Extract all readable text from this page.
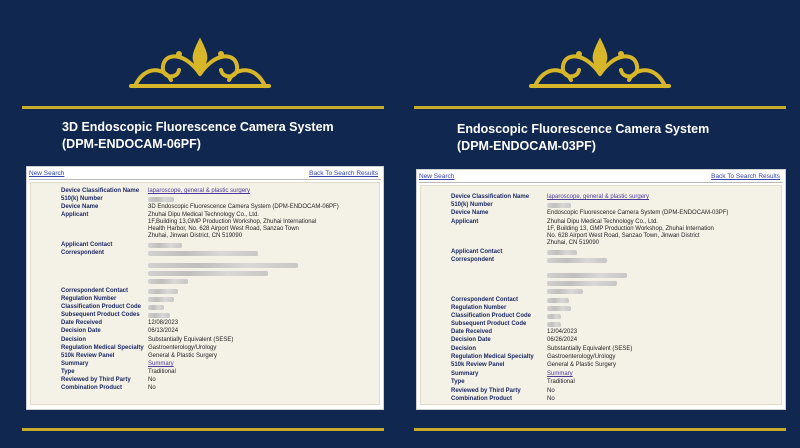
3D Endoscopic Fluorescence Camera System
(DPM-ENDOCAM-06PF)
New Search	Back To Search Results
Device Classification Name laparoscope, general & plastic surgery
510(k) Number
Device Name	3D Endoscopic Fluorescence Camera System (DPM-ENDOCAM-06PF)
Applicant	Zhuhai Dipu Medical Technology Co., Ltd.
1F,Building 13,GMP Production Workshop, Zhuhai International
Health Harbor, No. 628 Airport West Road, Sanzao Town
Zhuhai, Jinwan District, CN 519090
Applicant Contact
Correspondent
Correspondent Contact
Regulation Number
Classification Product Code
Subsequent Product Codes
Date Received	12/08/2023
Decision Date	06/13/2024
Decision	Substantially Equivalent (SESE)
Regulation Medical Specialty Gastroenterology/Urology
510k Review Panel	General & Plastic Surgery
Summary	Summary
Type	Traditional
Reviewed by Third Party	No
Combination Product	No
Endoscopic Fluorescence Camera System
(DPM-ENDOCAM-03PF)
New Search	Back To Search Results
Device Classification Name	laparoscope, general & plastic surgery
510(k) Number
Device Name	Endoscopic Fluorescence Camera System (DPM-ENDOCAM-03PF)
Applicant	Zhuhai Dipu Medical Technology Co., Ltd.
1F, Building 13, GMP Production Workshop, Zhuhai Internation
No. 628 Airport West Road, Sanzao Town, Jinwan District
Zhuhai, CN 519090
Applicant Contact
Correspondent
Correspondent Contact
Regulation Number
Classification Product Code
Subsequent Product Code
Date Received	12/04/2023
Decision Date	06/26/2024
Decision	Substantially Equivalent (SESE)
Regulation Medical Specialty Gastroenterology/Urology
510k Review Panel	General & Plastic Surgery
Summary	Summary
Type	Traditional
Reviewed by Third Party	No
Combination Product	No
